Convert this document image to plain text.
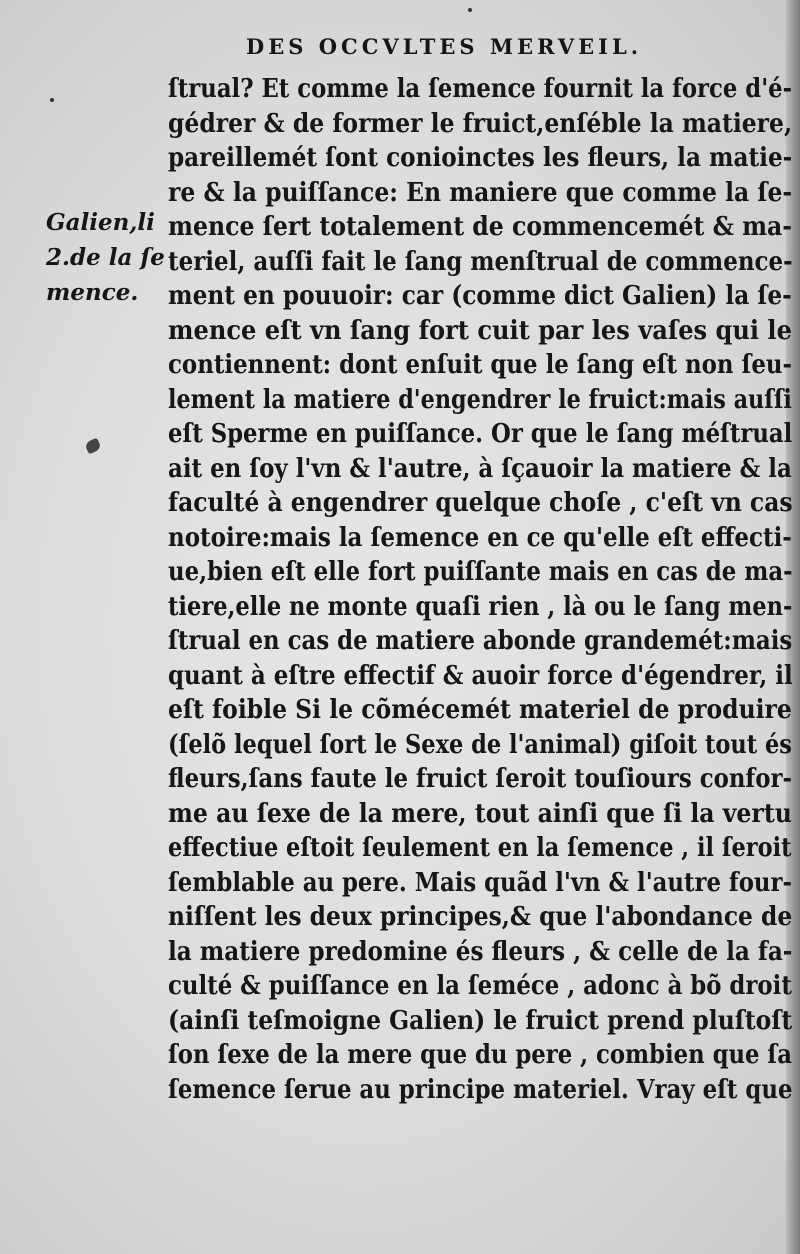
DES OCCVLTES MERVEIL.
Galien,li
2.de la ſe
mence.
ſtrual? Et comme la ſemence fournit la force d'é-
gédrer & de former le fruict,enſéble la matiere,
pareillemét ſont conioinctes les fleurs, la matie-
re & la puiſſance: En maniere que comme la ſe-
mence ſert totalement de commencemét & ma-
teriel, auſſi fait le ſang menſtrual de commence-
ment en pouuoir: car (comme dict Galien) la ſe-
mence eſt vn ſang fort cuit par les vaſes qui le
contiennent: dont enſuit que le ſang eſt non ſeu-
lement la matiere d'engendrer le fruict:mais auſſi
eſt Sperme en puiſſance. Or que le ſang méſtrual
ait en ſoy l'vn & l'autre, à ſçauoir la matiere & la
faculté à engendrer quelque choſe , c'eſt vn cas
notoire:mais la ſemence en ce qu'elle eſt effecti-
ue,bien eſt elle fort puiſſante mais en cas de ma-
tiere,elle ne monte quaſi rien , là ou le ſang men-
ſtrual en cas de matiere abonde grandemét:mais
quant à eſtre effectif & auoir force d'égendrer, il
eſt foible Si le cõmécemét materiel de produire
(ſelõ lequel ſort le Sexe de l'animal) giſoit tout és
fleurs,ſans faute le fruict ſeroit touſiours confor-
me au ſexe de la mere, tout ainſi que ſi la vertu
effectiue eſtoit ſeulement en la ſemence , il ſeroit
ſemblable au pere. Mais quãd l'vn & l'autre four-
niſſent les deux principes,& que l'abondance de
la matiere predomine és fleurs , & celle de la fa-
culté & puiſſance en la ſeméce , adonc à bõ droit
(ainſi teſmoigne Galien) le fruict prend pluſtoſt
ſon ſexe de la mere que du pere , combien que ſa
ſemence ſerue au principe materiel. Vray eſt que
